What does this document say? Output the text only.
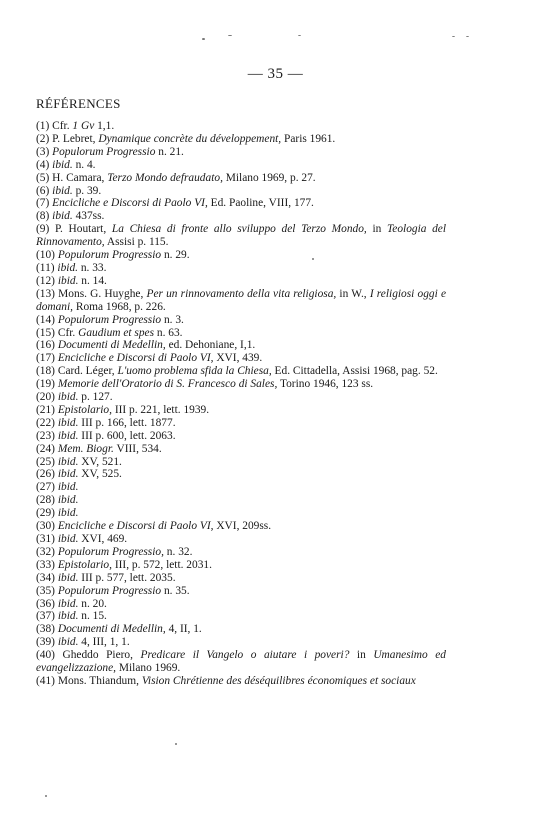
— 35 —
RÉFÉRENCES
(1) Cfr. 1 Gv 1,1.
(2) P. Lebret, Dynamique concrète du développement, Paris 1961.
(3) Populorum Progressio n. 21.
(4) ibid. n. 4.
(5) H. Camara, Terzo Mondo defraudato, Milano 1969, p. 27.
(6) ibid. p. 39.
(7) Encicliche e Discorsi di Paolo VI, Ed. Paoline, VIII, 177.
(8) ibid. 437ss.
(9) P. Houtart, La Chiesa di fronte allo sviluppo del Terzo Mondo, in Teologia del Rinnovamento, Assisi p. 115.
(10) Populorum Progressio n. 29.
(11) ibid. n. 33.
(12) ibid. n. 14.
(13) Mons. G. Huyghe, Per un rinnovamento della vita religiosa, in W., I religiosi oggi e domani, Roma 1968, p. 226.
(14) Populorum Progressio n. 3.
(15) Cfr. Gaudium et spes n. 63.
(16) Documenti di Medellin, ed. Dehoniane, I,1.
(17) Encicliche e Discorsi di Paolo VI, XVI, 439.
(18) Card. Léger, L'uomo problema sfida la Chiesa, Ed. Cittadella, Assisi 1968, pag. 52.
(19) Memorie dell'Oratorio di S. Francesco di Sales, Torino 1946, 123 ss.
(20) ibid. p. 127.
(21) Epistolario, III p. 221, lett. 1939.
(22) ibid. III p. 166, lett. 1877.
(23) ibid. III p. 600, lett. 2063.
(24) Mem. Biogr. VIII, 534.
(25) ibid. XV, 521.
(26) ibid. XV, 525.
(27) ibid.
(28) ibid.
(29) ibid.
(30) Encicliche e Discorsi di Paolo VI, XVI, 209ss.
(31) ibid. XVI, 469.
(32) Populorum Progressio, n. 32.
(33) Epistolario, III, p. 572, lett. 2031.
(34) ibid. III p. 577, lett. 2035.
(35) Populorum Progressio n. 35.
(36) ibid. n. 20.
(37) ibid. n. 15.
(38) Documenti di Medellin, 4, II, 1.
(39) ibid. 4, III, 1, 1.
(40) Gheddo Piero, Predicare il Vangelo o aiutare i poveri? in Umanesimo ed evangelizzazione, Milano 1969.
(41) Mons. Thiandum, Vision Chrétienne des déséquilibres économiques et sociaux
